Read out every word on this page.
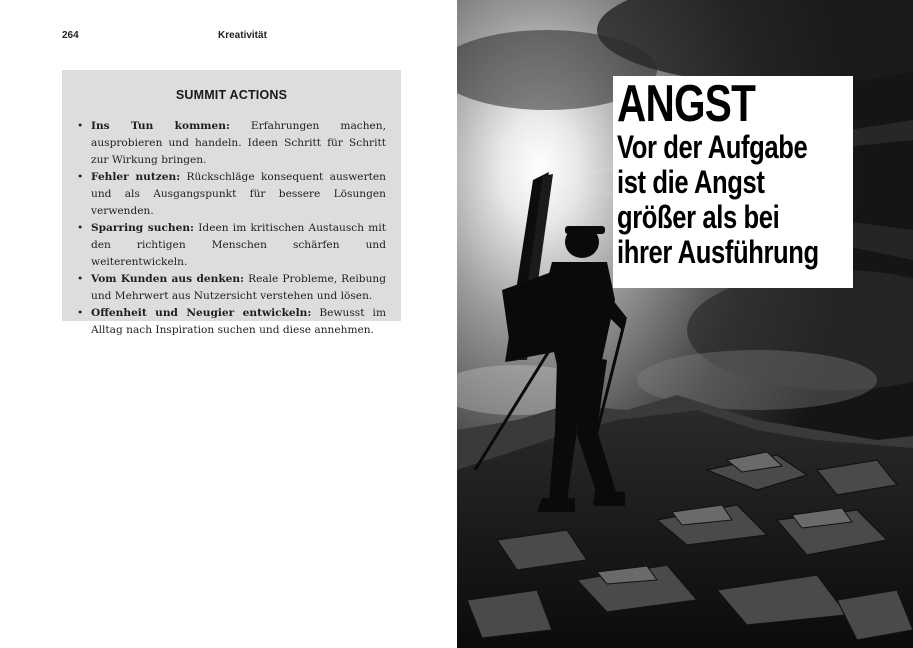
264	Kreativität
SUMMIT ACTIONS
• Ins Tun kommen: Erfahrungen machen, ausprobieren und handeln. Ideen Schritt für Schritt zur Wirkung bringen.
• Fehler nutzen: Rückschläge konsequent auswerten und als Ausgangspunkt für bessere Lösungen verwenden.
• Sparring suchen: Ideen im kritischen Austausch mit den richtigen Menschen schärfen und weiterentwickeln.
• Vom Kunden aus denken: Reale Probleme, Reibung und Mehrwert aus Nutzersicht verstehen und lösen.
• Offenheit und Neugier entwickeln: Bewusst im Alltag nach Inspiration suchen und diese annehmen.
ANGST
Vor der Aufgabe
ist die Angst
größer als bei
ihrer Ausführung
